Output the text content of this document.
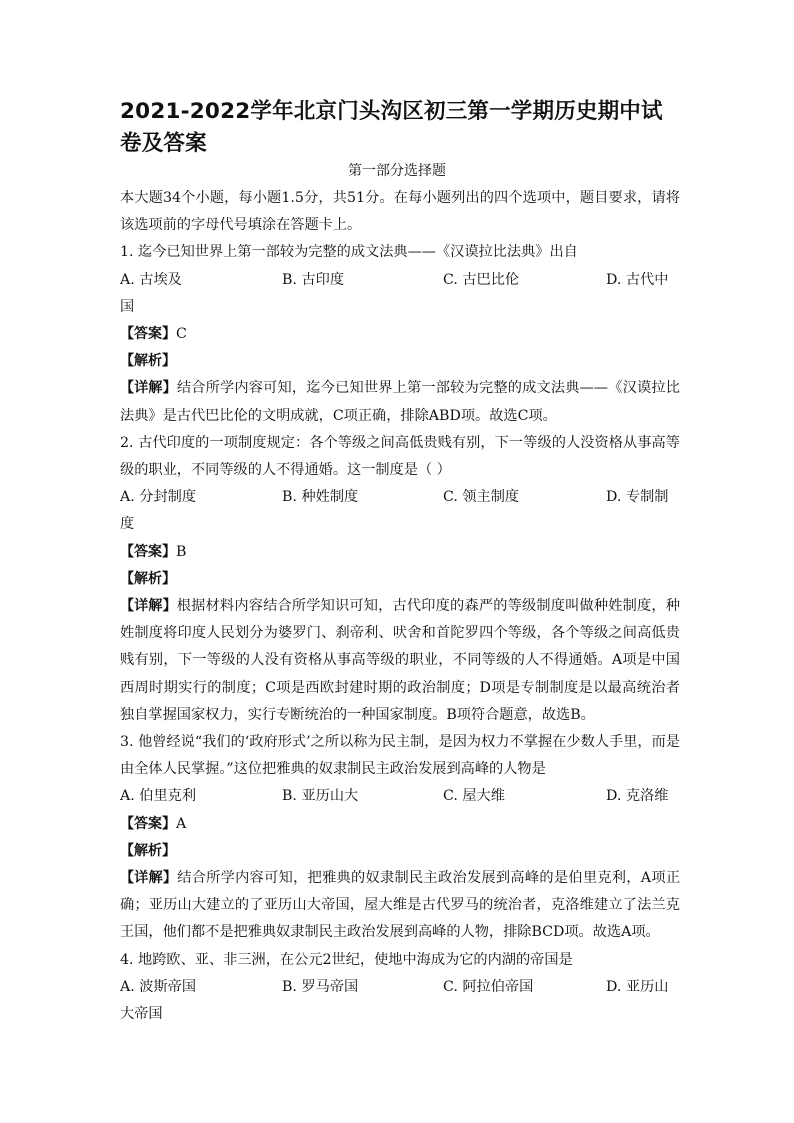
2021-2022学年北京门头沟区初三第一学期历史期中试卷及答案
第一部分选择题

本大题34个小题，每小题1.5分，共51分。在每小题列出的四个选项中，题目要求，请将该选项前的字母代号填涂在答题卡上。

1. 迄今已知世界上第一部较为完整的成文法典——《汉谟拉比法典》出自

A. 古埃及	B. 古印度	C. 古巴比伦	D. 古代中

国

【答案】C

【解析】

【详解】结合所学内容可知，迄今已知世界上第一部较为完整的成文法典——《汉谟拉比法典》是古代巴比伦的文明成就，C项正确，排除ABD项。故选C项。

2. 古代印度的一项制度规定：各个等级之间高低贵贱有别，下一等级的人没资格从事高等级的职业，不同等级的人不得通婚。这一制度是（ ）

A. 分封制度	B. 种姓制度	C. 领主制度	D. 专制制

度

【答案】B

【解析】

【详解】根据材料内容结合所学知识可知，古代印度的森严的等级制度叫做种姓制度，种姓制度将印度人民划分为婆罗门、刹帝利、吠舍和首陀罗四个等级，各个等级之间高低贵贱有别，下一等级的人没有资格从事高等级的职业，不同等级的人不得通婚。A项是中国西周时期实行的制度；C项是西欧封建时期的政治制度；D项是专制制度是以最高统治者独自掌握国家权力，实行专断统治的一种国家制度。B项符合题意，故选B。

3. 他曾经说“我们的‘政府形式’之所以称为民主制，是因为权力不掌握在少数人手里，而是由全体人民掌握。”这位把雅典的奴隶制民主政治发展到高峰的人物是

A. 伯里克利	B. 亚历山大	C. 屋大维	D. 克洛维

【答案】A

【解析】

【详解】结合所学内容可知，把雅典的奴隶制民主政治发展到高峰的是伯里克利，A项正确；亚历山大建立的了亚历山大帝国，屋大维是古代罗马的统治者，克洛维建立了法兰克王国，他们都不是把雅典奴隶制民主政治发展到高峰的人物，排除BCD项。故选A项。

4. 地跨欧、亚、非三洲，在公元2世纪，使地中海成为它的内湖的帝国是

A. 波斯帝国	B. 罗马帝国	C. 阿拉伯帝国	D. 亚历山

大帝国
